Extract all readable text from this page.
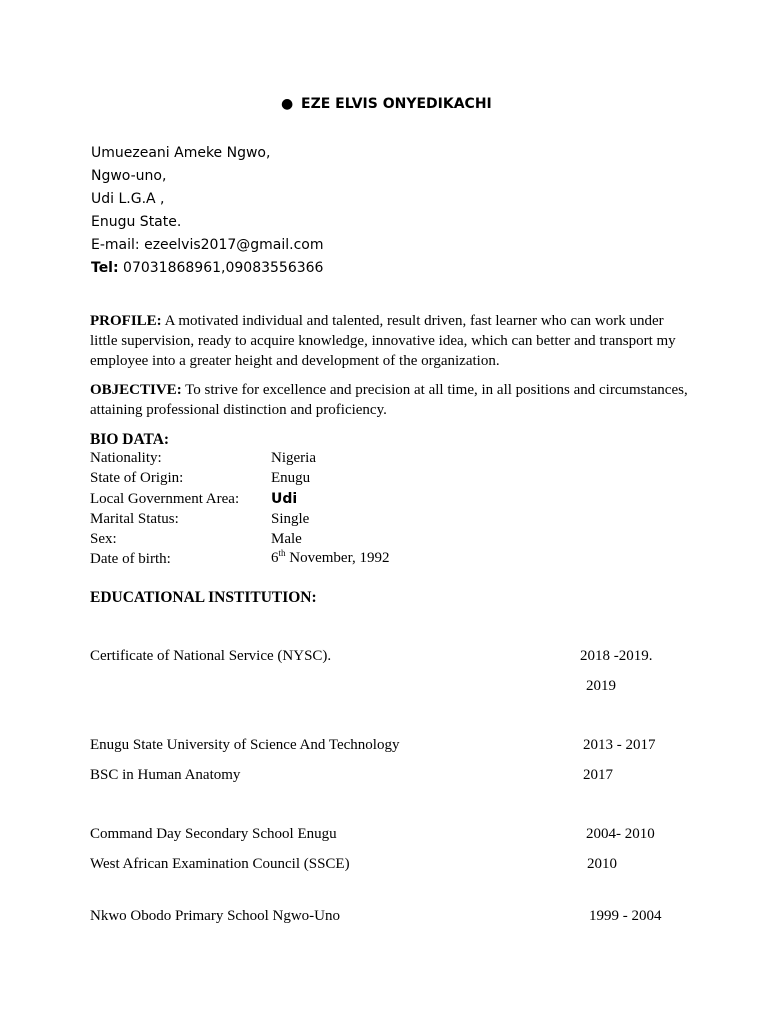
● EZE ELVIS ONYEDIKACHI
Umuezeani Ameke Ngwo,
Ngwo-uno,
Udi L.G.A ,
Enugu State.
E-mail: ezeelvis2017@gmail.com
Tel: 07031868961,09083556366
PROFILE: A motivated individual and talented, result driven, fast learner who can work under little supervision, ready to acquire knowledge, innovative idea, which can better and transport my employee into a greater height and development of the organization.
OBJECTIVE: To strive for excellence and precision at all time, in all positions and circumstances, attaining professional distinction and proficiency.
BIO DATA:
Nationality:	Nigeria
State of Origin:	Enugu
Local Government Area: Udi
Marital Status:	Single
Sex:	Male
Date of birth:	6th November, 1992
EDUCATIONAL INSTITUTION:
Certificate of National Service (NYSC).	2018 -2019.
2019
Enugu State University of Science And Technology	2013 - 2017
BSC in Human Anatomy	2017
Command Day Secondary School Enugu	2004- 2010
West African Examination Council (SSCE)	2010
Nkwo Obodo Primary School Ngwo-Uno	1999 - 2004
